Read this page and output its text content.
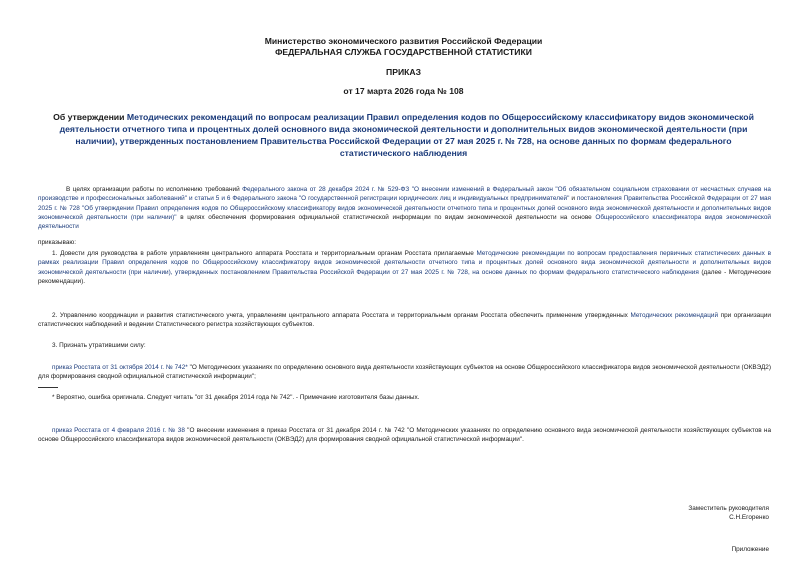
Министерство экономического развития Российской Федерации
ФЕДЕРАЛЬНАЯ СЛУЖБА ГОСУДАРСТВЕННОЙ СТАТИСТИКИ
ПРИКАЗ
от 17 марта 2026 года № 108
Об утверждении Методических рекомендаций по вопросам реализации Правил определения кодов по Общероссийскому классификатору видов экономической деятельности отчетного типа и процентных долей основного вида экономической деятельности и дополнительных видов экономической деятельности (при наличии), утвержденных постановлением Правительства Российской Федерации от 27 мая 2025 г. № 728, на основе данных по формам федерального статистического наблюдения
В целях организации работы по исполнению требований Федерального закона от 28 декабря 2024 г. № 529-ФЗ "О внесении изменений в Федеральный закон "Об обязательном социальном страховании от несчастных случаев на производстве и профессиональных заболеваний" и статьи 5 и 6 Федерального закона "О государственной регистрации юридических лиц и индивидуальных предпринимателей" и постановления Правительства Российской Федерации от 27 мая 2025 г. № 728 "Об утверждении Правил определения кодов по Общероссийскому классификатору видов экономической деятельности отчетного типа и процентных долей основного вида экономической деятельности и дополнительных видов экономической деятельности (при наличии)" в целях обеспечения формирования официальной статистической информации по видам экономической деятельности на основе Общероссийского классификатора видов экономической деятельности
приказываю:
1. Довести для руководства в работе управлениям центрального аппарата Росстата и территориальным органам Росстата прилагаемые Методические рекомендации по вопросам предоставления первичных статистических данных в рамках реализации Правил определения кодов по Общероссийскому классификатору видов экономической деятельности отчетного типа и процентных долей основного вида экономической деятельности и дополнительных видов экономической деятельности (при наличии), утвержденных постановлением Правительства Российской Федерации от 27 мая 2025 г. № 728, на основе данных по формам федерального статистического наблюдения (далее - Методические рекомендации).
2. Управлению координации и развития статистического учета, управлениям центрального аппарата Росстата и территориальным органам Росстата обеспечить применение утвержденных Методических рекомендаций при организации статистических наблюдений и ведении Статистического регистра хозяйствующих субъектов.
3. Признать утратившими силу:
приказ Росстата от 31 октября 2014 г. № 742* "О Методических указаниях по определению основного вида деятельности хозяйствующих субъектов на основе Общероссийского классификатора видов экономической деятельности (ОКВЭД2) для формирования сводной официальной статистической информации";
* Вероятно, ошибка оригинала. Следует читать "от 31 декабря 2014 года № 742". - Примечание изготовителя базы данных.
приказ Росстата от 4 февраля 2016 г. № 38 "О внесении изменения в приказ Росстата от 31 декабря 2014 г. № 742 "О Методических указаниях по определению основного вида экономической деятельности хозяйствующих субъектов на основе Общероссийского классификатора видов экономической деятельности (ОКВЭД2) для формирования сводной официальной статистической информации".
Заместитель руководителя
С.Н.Егоренко
Приложение
